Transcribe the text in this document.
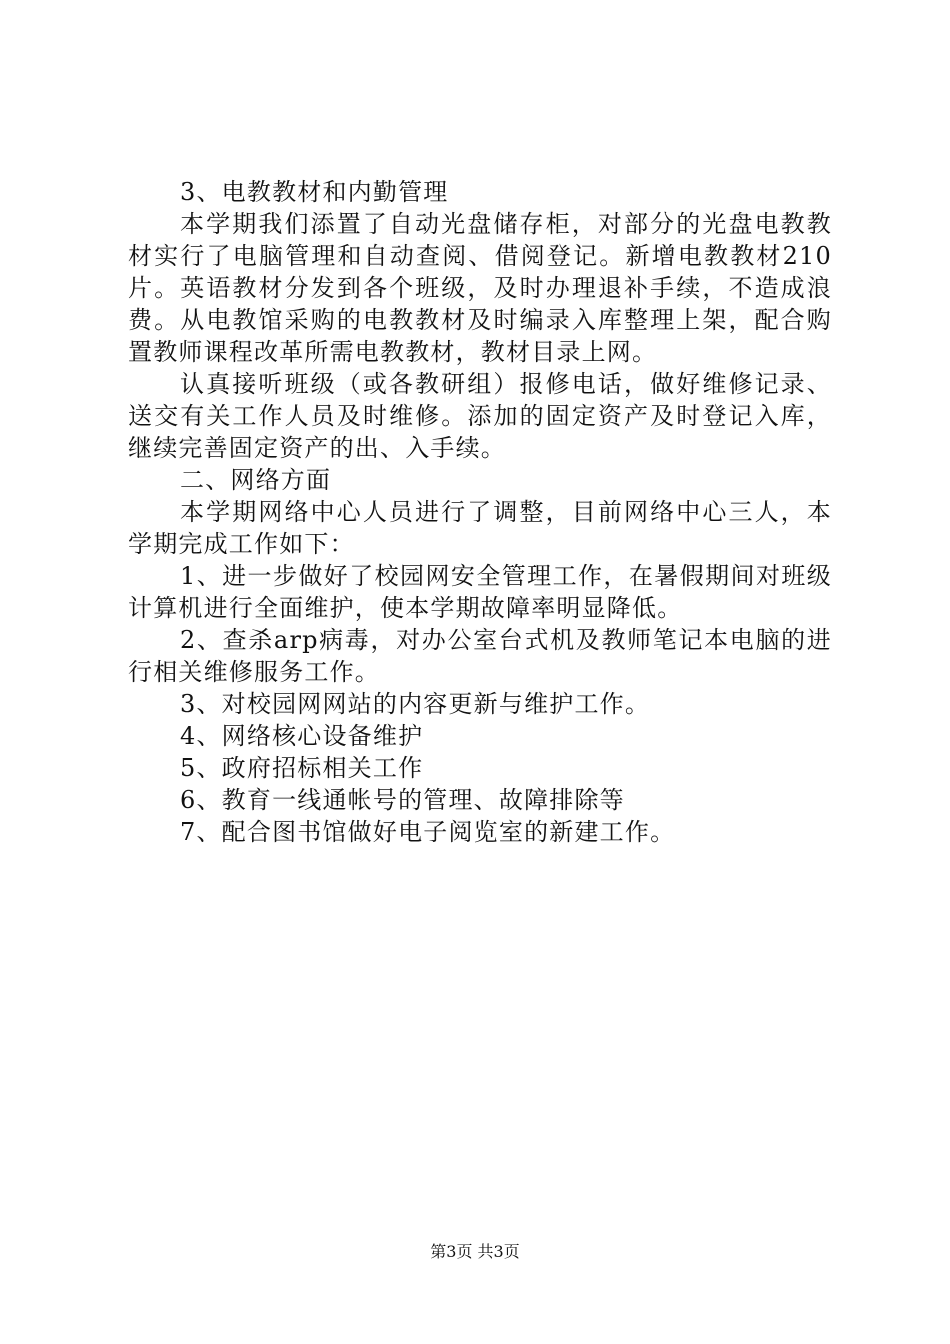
3、电教教材和内勤管理

本学期我们添置了自动光盘储存柜，对部分的光盘电教教材实行了电脑管理和自动查阅、借阅登记。新增电教教材210片。英语教材分发到各个班级，及时办理退补手续，不造成浪费。从电教馆采购的电教教材及时编录入库整理上架，配合购置教师课程改革所需电教教材，教材目录上网。

认真接听班级（或各教研组）报修电话，做好维修记录、送交有关工作人员及时维修。添加的固定资产及时登记入库，继续完善固定资产的出、入手续。

二、网络方面

本学期网络中心人员进行了调整，目前网络中心三人，本学期完成工作如下：

1、进一步做好了校园网安全管理工作，在暑假期间对班级计算机进行全面维护，使本学期故障率明显降低。

2、查杀arp病毒，对办公室台式机及教师笔记本电脑的进行相关维修服务工作。

3、对校园网网站的内容更新与维护工作。

4、网络核心设备维护

5、政府招标相关工作

6、教育一线通帐号的管理、故障排除等

7、配合图书馆做好电子阅览室的新建工作。

第3页 共3页
